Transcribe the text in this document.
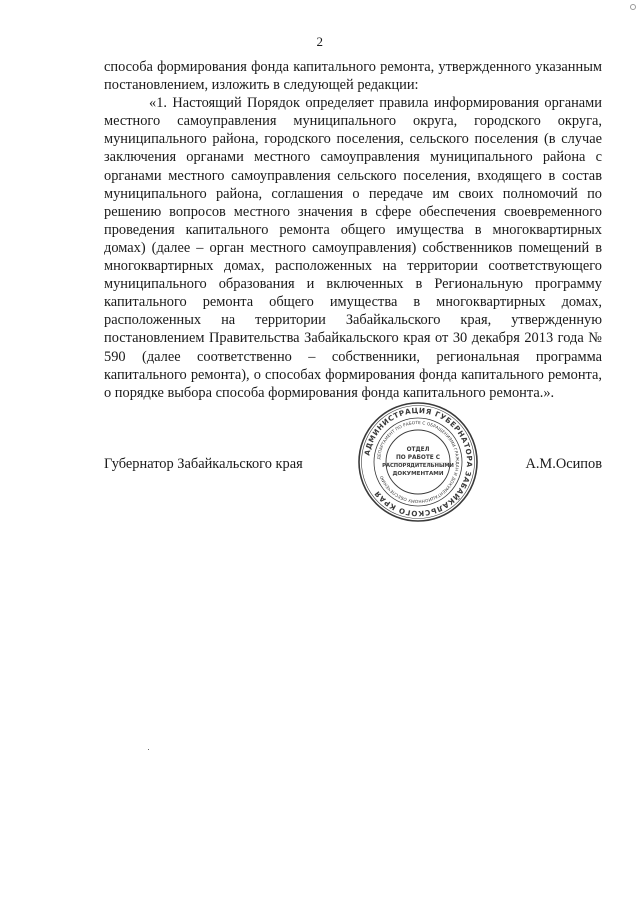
2

способа формирования фонда капитального ремонта, утвержденного указанным постановлением, изложить в следующей редакции:

«1. Настоящий Порядок определяет правила информирования органами местного самоуправления муниципального округа, городского округа, муниципального района, городского поселения, сельского поселения (в случае заключения органами местного самоуправления муниципального района с органами местного самоуправления сельского поселения, входящего в состав муниципального района, соглашения о передаче им своих полномочий по решению вопросов местного значения в сфере обеспечения своевременного проведения капитального ремонта общего имущества в многоквартирных домах) (далее – орган местного самоуправления) собственников помещений в многоквартирных домах, расположенных на территории соответствующего муниципального образования и включенных в Региональную программу капитального ремонта общего имущества в многоквартирных домах, расположенных на территории Забайкальского края, утвержденную постановлением Правительства Забайкальского края от 30 декабря 2013 года № 590 (далее соответственно – собственники, региональная программа капитального ремонта), о способах формирования фонда капитального ремонта, о порядке выбора способа формирования фонда капитального ремонта.».

Губернатор Забайкальского края	А.М.Осипов
АДМИНИСТРАЦИЯ ГУБЕРНАТОРА ЗАБАЙКАЛЬСКОГО КРАЯ
ДЕПАРТАМЕНТ ПО РАБОТЕ С ОБРАЩЕНИЯМИ ГРАЖДАН И ДОКУМЕНТАЦИОННОМУ ОБЕСПЕЧЕНИЮ
ОТДЕЛ
ПО РАБОТЕ С
РАСПОРЯДИТЕЛЬНЫМИ
ДОКУМЕНТАМИ
